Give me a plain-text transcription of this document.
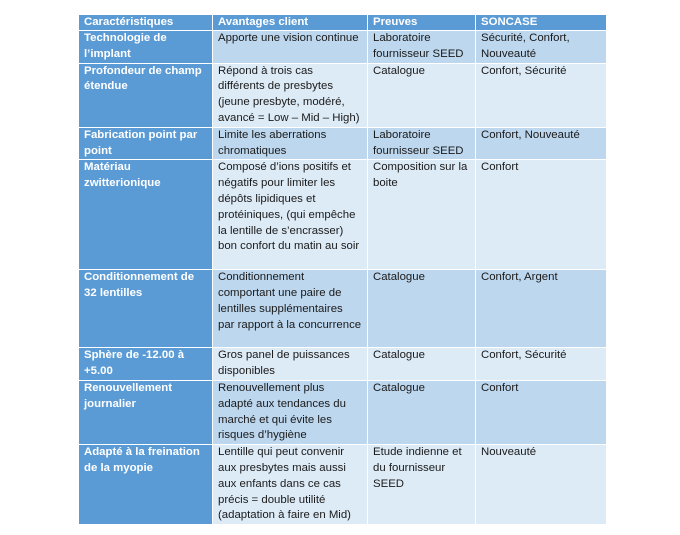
Caractéristiques	Avantages client	Preuves	SONCASE
Technologie de l’implant	Apporte une vision continue	Laboratoire fournisseur SEED	Sécurité, Confort, Nouveauté
Profondeur de champ étendue	Répond à trois cas différents de presbytes (jeune presbyte, modéré, avancé = Low – Mid – High)	Catalogue	Confort, Sécurité
Fabrication point par point	Limite les aberrations chromatiques	Laboratoire fournisseur SEED	Confort, Nouveauté
Matériau zwitterionique	Composé d’ions positifs et négatifs pour limiter les dépôts lipidiques et protéiniques, (qui empêche la lentille de s’encrasser) bon confort du matin au soir	Composition sur la boite	Confort
Conditionnement de 32 lentilles	Conditionnement comportant une paire de lentilles supplémentaires par rapport à la concurrence	Catalogue	Confort, Argent
Sphère de -12.00 à +5.00	Gros panel de puissances disponibles	Catalogue	Confort, Sécurité
Renouvellement journalier	Renouvellement plus adapté aux tendances du marché et qui évite les risques d’hygiène	Catalogue	Confort
Adapté à la freination de la myopie	Lentille qui peut convenir aux presbytes mais aussi aux enfants dans ce cas précis = double utilité (adaptation à faire en Mid)	Etude indienne et du fournisseur SEED	Nouveauté
